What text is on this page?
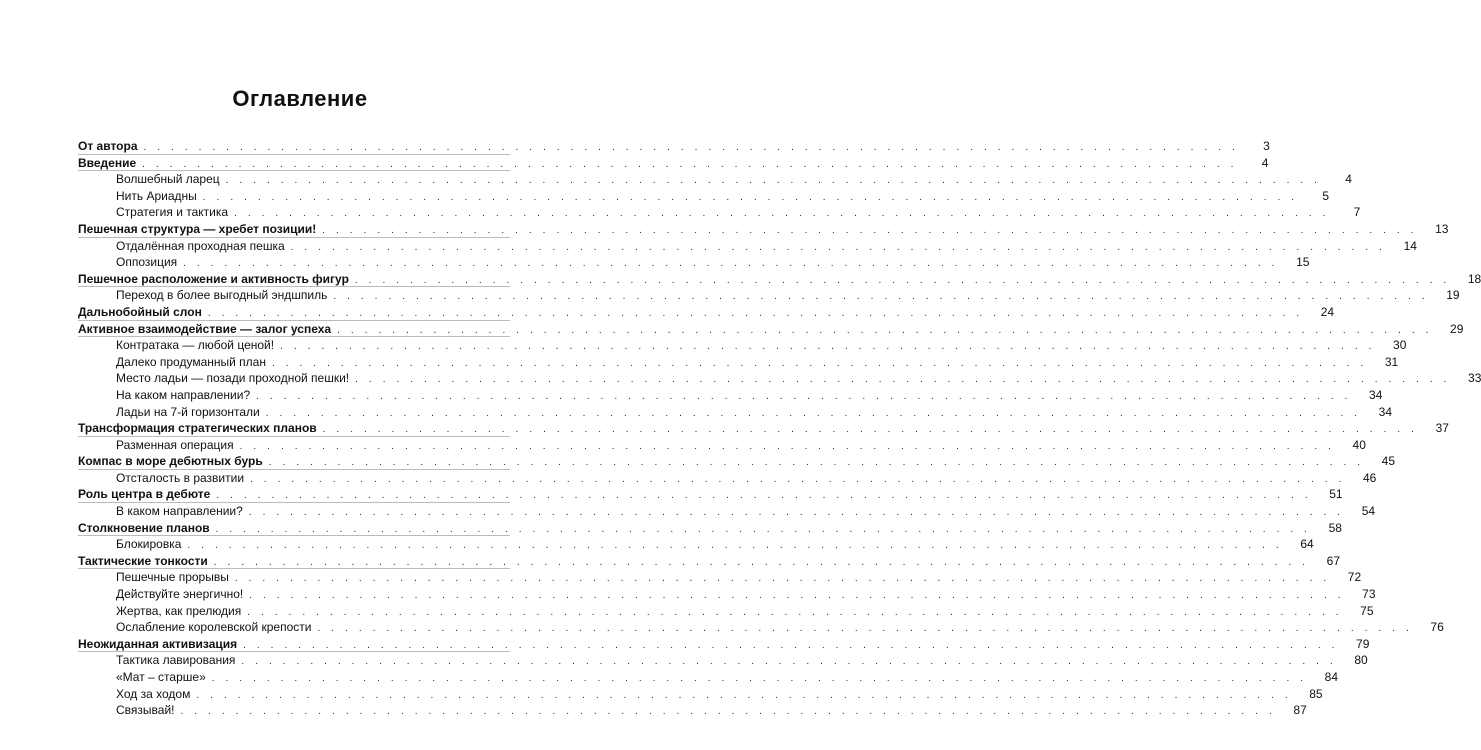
Оглавление
От автора ................................................................................	3
Введение ................................................................................	4
Волшебный ларец ................................................................................	4
Нить Ариадны ................................................................................	5
Стратегия и тактика ................................................................................	7
Пешечная структура — хребет позиции! ................................................................................ 13
Отдалённая проходная пешка ................................................................................ 14
Оппозиция ................................................................................ 15
Пешечное расположение и активность фигур ................................................................................ 18
Переход в более выгодный эндшпиль ................................................................................ 19
Дальнобойный слон ................................................................................ 24
Активное взаимодействие — залог успеха ................................................................................ 29
Контратака — любой ценой! ................................................................................ 30
Далеко продуманный план ................................................................................ 31
Место ладьи — позади проходной пешки! ................................................................................ 33
На каком направлении? ................................................................................ 34
Ладьи на 7-й горизонтали ................................................................................ 34
Трансформация стратегических планов ................................................................................ 37
Разменная операция ................................................................................ 40
Компас в море дебютных бурь ................................................................................ 45
Отсталость в развитии ................................................................................ 46
Роль центра в дебюте ................................................................................ 51
В каком направлении? ................................................................................ 54
Столкновение планов ................................................................................ 58
Блокировка ................................................................................ 64
Тактические тонкости ................................................................................ 67
Пешечные прорывы ................................................................................ 72
Действуйте энергично! ................................................................................ 73
Жертва, как прелюдия ................................................................................ 75
Ослабление королевской крепости ................................................................................ 76
Неожиданная активизация ................................................................................ 79
Тактика лавирования ................................................................................ 80
«Мат – старше» ................................................................................ 84
Ход за ходом ................................................................................ 85
Связывай! ................................................................................ 87
